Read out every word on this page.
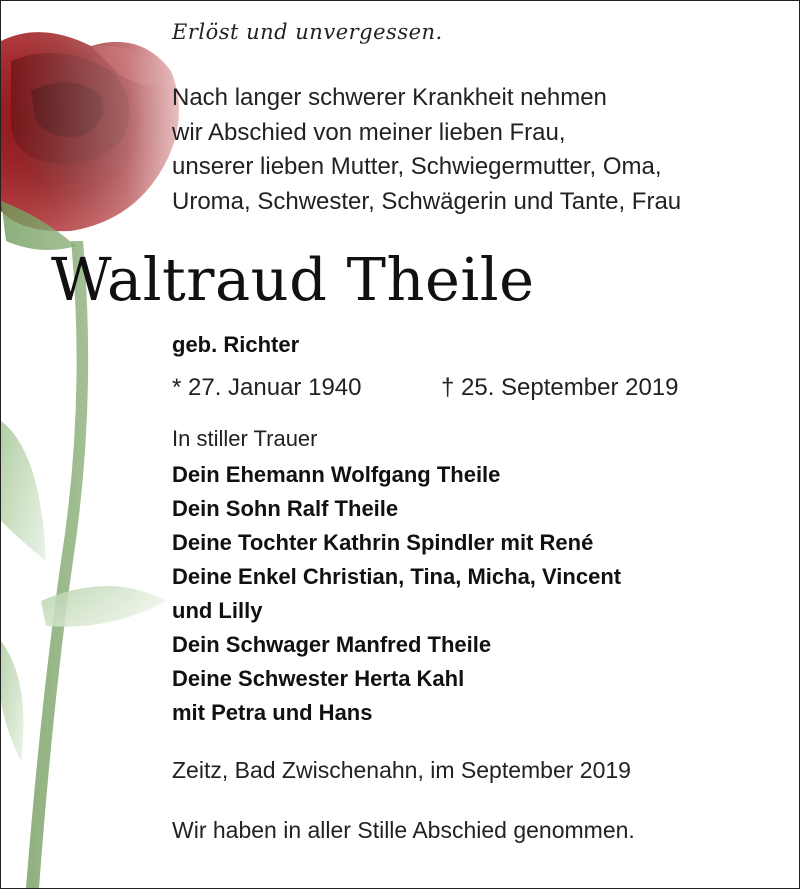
Erlöst und unvergessen.
Nach langer schwerer Krankheit nehmen
wir Abschied von meiner lieben Frau,
unserer lieben Mutter, Schwiegermutter, Oma,
Uroma, Schwester, Schwägerin und Tante, Frau
Waltraud Theile
geb. Richter
* 27. Januar 1940	† 25. September 2019
In stiller Trauer
Dein Ehemann Wolfgang Theile
Dein Sohn Ralf Theile
Deine Tochter Kathrin Spindler mit René
Deine Enkel Christian, Tina, Micha, Vincent
und Lilly
Dein Schwager Manfred Theile
Deine Schwester Herta Kahl
mit Petra und Hans
Zeitz, Bad Zwischenahn, im September 2019
Wir haben in aller Stille Abschied genommen.
